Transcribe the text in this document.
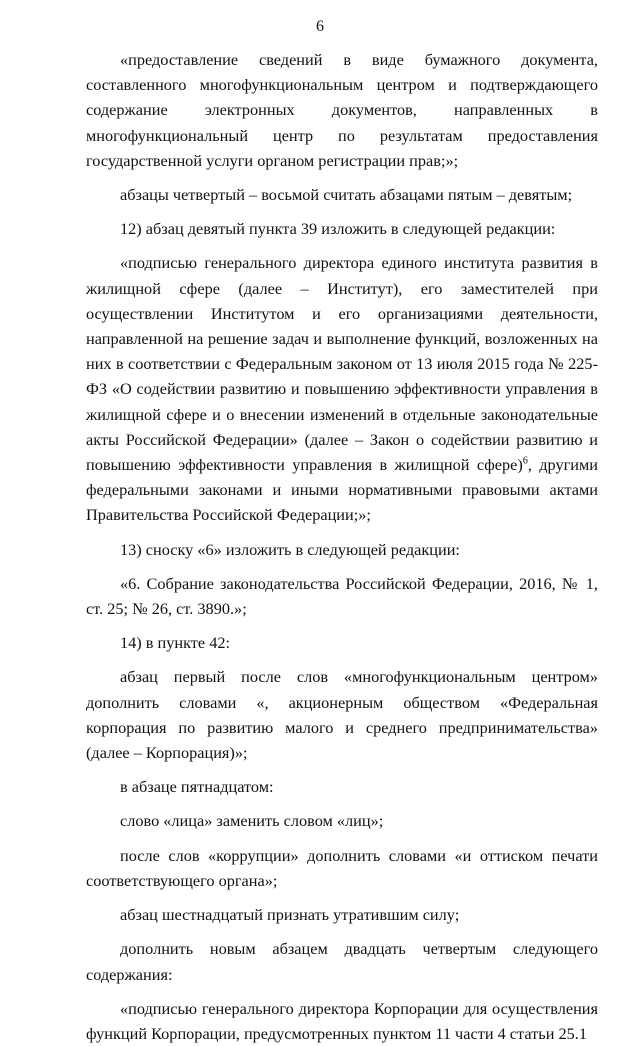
6

«предоставление сведений в виде бумажного документа, составленного многофункциональным центром и подтверждающего содержание электронных документов, направленных в многофункциональный центр по результатам предоставления государственной услуги органом регистрации прав;»;

абзацы четвертый – восьмой считать абзацами пятым – девятым;

12) абзац девятый пункта 39 изложить в следующей редакции:

«подписью генерального директора единого института развития в жилищной сфере (далее – Институт), его заместителей при осуществлении Институтом и его организациями деятельности, направленной на решение задач и выполнение функций, возложенных на них в соответствии с Федеральным законом от 13 июля 2015 года № 225-ФЗ «О содействии развитию и повышению эффективности управления в жилищной сфере и о внесении изменений в отдельные законодательные акты Российской Федерации» (далее – Закон о содействии развитию и повышению эффективности управления в жилищной сфере)$^6$, другими федеральными законами и иными нормативными правовыми актами Правительства Российской Федерации;»;

13) сноску «6» изложить в следующей редакции:

«6. Собрание законодательства Российской Федерации, 2016, № 1, ст. 25; № 26, ст. 3890.»;

14) в пункте 42:

абзац первый после слов «многофункциональным центром» дополнить словами «, акционерным обществом «Федеральная корпорация по развитию малого и среднего предпринимательства» (далее – Корпорация)»;

в абзаце пятнадцатом:

слово «лица» заменить словом «лиц»;

после слов «коррупции» дополнить словами «и оттиском печати соответствующего органа»;

абзац шестнадцатый признать утратившим силу;

дополнить новым абзацем двадцать четвертым следующего содержания:

«подписью генерального директора Корпорации для осуществления функций Корпорации, предусмотренных пунктом 11 части 4 статьи 25.1
